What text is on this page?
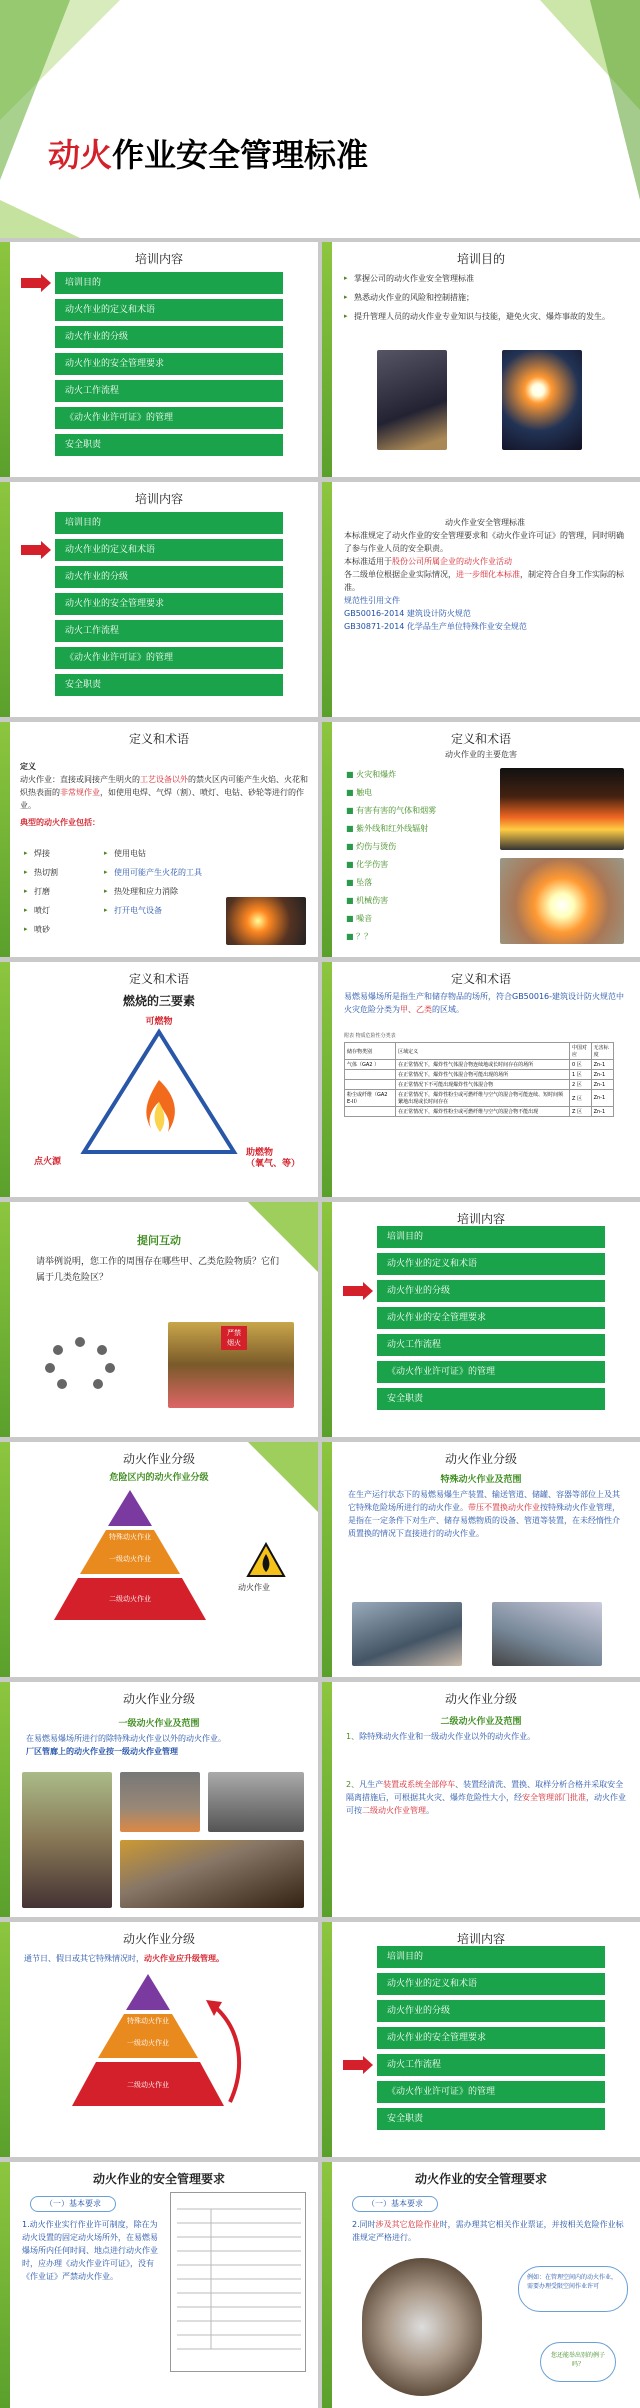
动火作业安全管理标准
培训内容
培训目的
动火作业的定义和术语
动火作业的分级
动火作业的安全管理要求
动火工作流程
《动火作业许可证》的管理
安全职责
培训目的
▸ 掌握公司的动火作业安全管理标准
▸ 熟悉动火作业的风险和控制措施；
▸ 提升管理人员的动火作业专业知识与技能，避免火灾、爆炸事故的发生。
培训内容
培训目的
动火作业的定义和术语
动火作业的分级
动火作业的安全管理要求
动火工作流程
《动火作业许可证》的管理
安全职责
动火作业安全管理标准
本标准规定了动火作业的安全管理要求和《动火作业许可证》的管理，同时明确了参与作业人员的安全职责。
本标准适用于股份公司所属企业的动火作业活动
各二级单位根据企业实际情况，进一步细化本标准，制定符合自身工作实际的标准。
规范性引用文件
GB50016-2014 建筑设计防火规范
GB30871-2014 化学品生产单位特殊作业安全规范
定义和术语
定义
动火作业：直接或间接产生明火的工艺设备以外的禁火区内可能产生火焰、火花和炽热表面的非常规作业，如使用电焊、气焊（割）、喷灯、电钻、砂轮等进行的作业。
典型的动火作业包括：
▸ 焊接
▸ 热切割
▸ 打磨
▸ 喷灯
▸ 喷砂
▸ 使用电钻
▸ 使用可能产生火花的工具
▸ 热处理和应力消除
▸ 打开电气设备
定义和术语
动火作业的主要危害
■ 火灾和爆炸
■ 触电
■ 有害有害的气体和烟雾
■ 紫外线和红外线辐射
■ 灼伤与烫伤
■ 化学伤害
■ 坠落
■ 机械伤害
■ 噪音
■ ？？
定义和术语
燃烧的三要素
可燃物
点火源
助燃物
（氧气、等）
定义和术语
易燃易爆场所是指生产和储存物品的场所，符合GB50016-建筑设计防火规范中火灾危险分类为甲、乙类的区域。
附表 物质危险性分类表
储存物类别	区域定义	中国对应	无害标度
气体（GA2 ）	在正常情况下，爆炸性气体混合物连续地或长时间存在的场所	0 区	Zn-1
	在正常情况下，爆炸性气体混合物可能出现的场所	1 区	Zn-1
	在正常情况下不可能出现爆炸性气体混合物	2 区	Zn-1
粉尘或纤维（GA2 E-II）	在正常情况下，爆炸性粉尘或可燃纤维与空气的混合物可能连续、短时间频繁地出现或长时间存在	Z 区	Zn-1
	在正常情况下，爆炸性粉尘或可燃纤维与空气的混合物不能出现	Z 区	Zn-1
提问互动
请举例说明，您工作的周围存在哪些甲、乙类危险物质？它们属于几类危险区？
严禁
烟火
培训内容
培训目的
动火作业的定义和术语
动火作业的分级
动火作业的安全管理要求
动火工作流程
《动火作业许可证》的管理
安全职责
动火作业分级
危险区内的动火作业分级
特殊动火作业
一级动火作业
二级动火作业
动火作业
动火作业分级
特殊动火作业及范围
在生产运行状态下的易燃易爆生产装置、输送管道、储罐、容器等部位上及其它特殊危险场所进行的动火作业。带压不置换动火作业按特殊动火作业管理，是指在一定条件下对生产、储存易燃物质的设备、管道等装置，在未经惰性介质置换的情况下直接进行的动火作业。
动火作业分级
一级动火作业及范围
在易燃易爆场所进行的除特殊动火作业以外的动火作业。
厂区管廊上的动火作业按一级动火作业管理
动火作业分级
二级动火作业及范围
1、除特殊动火作业和一级动火作业以外的动火作业。
2、凡生产装置或系统全部停车、装置经清洗、置换、取样分析合格并采取安全隔离措施后，可根据其火灾、爆炸危险性大小，经安全管理部门批准，动火作业可按二级动火作业管理。
动火作业分级
通节日、假日或其它特殊情况时，动火作业应升级管理。
特殊动火作业
一级动火作业
二级动火作业
培训内容
培训目的
动火作业的定义和术语
动火作业的分级
动火作业的安全管理要求
动火工作流程
《动火作业许可证》的管理
安全职责
动火作业的安全管理要求
（一）基本要求
1.动火作业实行作业许可制度，除在为动火设置的固定动火场所外，在易燃易爆场所内任何时间、地点进行动火作业时，应办理《动火作业许可证》，没有《作业证》严禁动火作业。
动火作业的安全管理要求
（一）基本要求
2.同时涉及其它危险作业时，需办理其它相关作业票证，并按相关危险作业标准规定严格进行。
例如：在管理空间内的动火作业，需要办理受限空间作业许可
您还能举出别的例子吗？
